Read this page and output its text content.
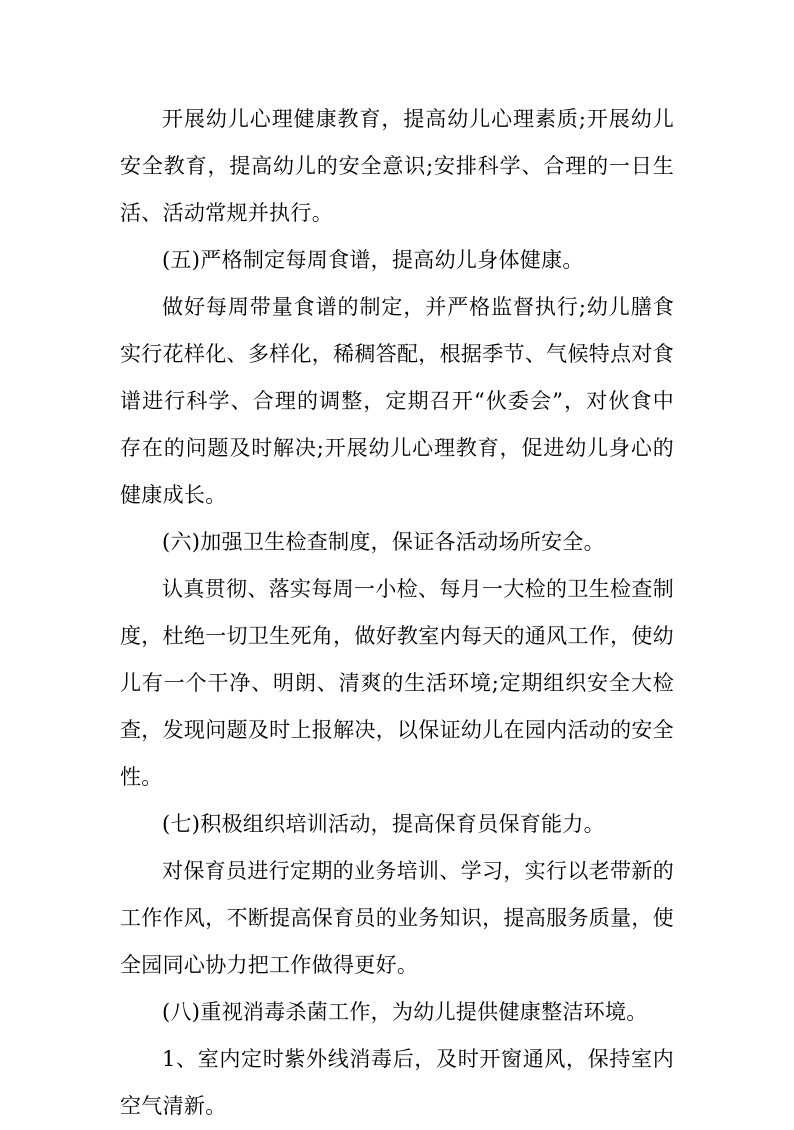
开展幼儿心理健康教育，提高幼儿心理素质;开展幼儿安全教育，提高幼儿的安全意识;安排科学、合理的一日生活、活动常规并执行。

(五)严格制定每周食谱，提高幼儿身体健康。

做好每周带量食谱的制定，并严格监督执行;幼儿膳食实行花样化、多样化，稀稠答配，根据季节、气候特点对食谱进行科学、合理的调整，定期召开“伙委会”，对伙食中存在的问题及时解决;开展幼儿心理教育，促进幼儿身心的健康成长。

(六)加强卫生检查制度，保证各活动场所安全。

认真贯彻、落实每周一小检、每月一大检的卫生检查制度，杜绝一切卫生死角，做好教室内每天的通风工作，使幼儿有一个干净、明朗、清爽的生活环境;定期组织安全大检查，发现问题及时上报解决，以保证幼儿在园内活动的安全性。

(七)积极组织培训活动，提高保育员保育能力。

对保育员进行定期的业务培训、学习，实行以老带新的工作作风，不断提高保育员的业务知识，提高服务质量，使全园同心协力把工作做得更好。

(八)重视消毒杀菌工作，为幼儿提供健康整洁环境。

1、室内定时紫外线消毒后，及时开窗通风，保持室内空气清新。
